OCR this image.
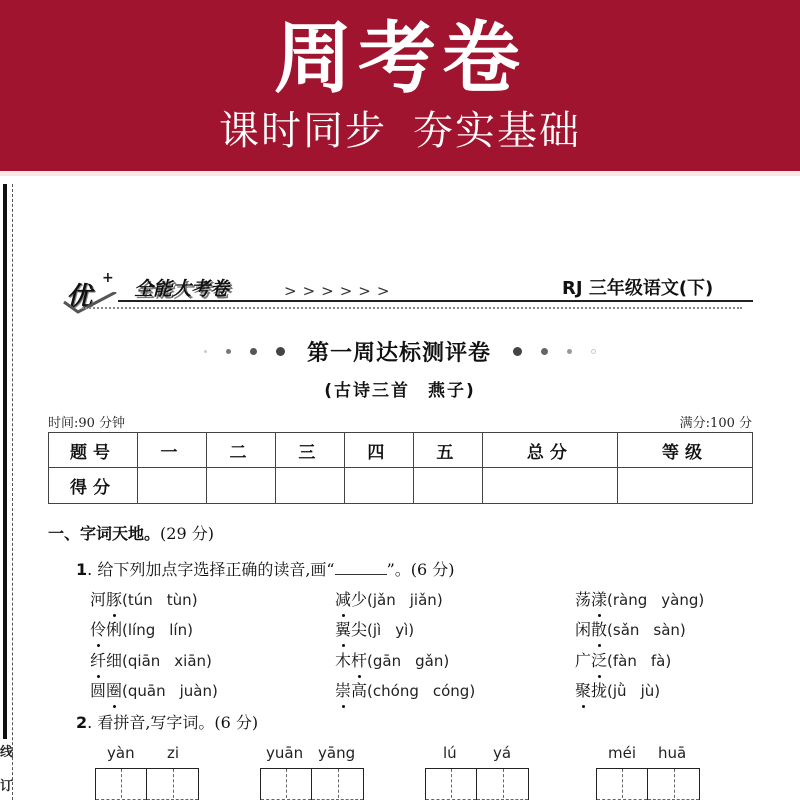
周考卷
课时同步 夯实基础
线
订
优
+ 全能大考卷	>>>>>>	RJ 三年级语文(下)
第一周达标测评卷
(古诗三首 燕子)
时间:90 分钟	满分:100 分
题号	一	二	三	四	五	总分	等级
得分							
一、字词天地。(29 分)
1. 给下列加点字选择正确的读音,画“	”。(6 分)
河豚(tún tùn)	减少(jǎn jiǎn)	荡漾(ràng yàng)
伶俐(líng lín)	翼尖(jì yì)	闲散(sǎn sàn)
纤细(qiān xiān)	木杆(gān gǎn)	广泛(fàn fà)
圆圈(quān juàn)	崇高(chóng cóng)	聚拢(jǜ jù)
2. 看拼音,写字词。(6 分)
yàn zi	yuān yāng	lú yá	méi huā
